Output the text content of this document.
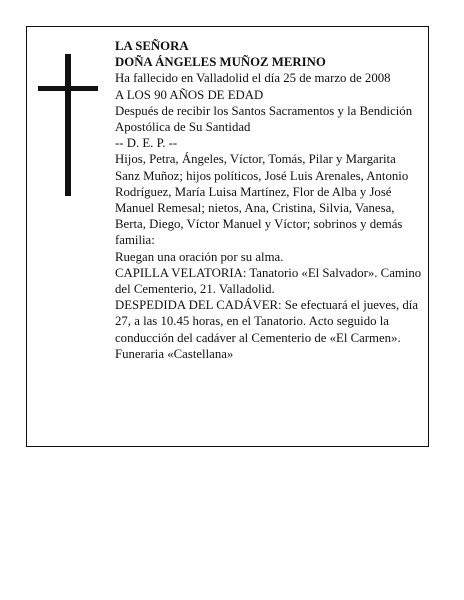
LA SEÑORA

DOÑA ÁNGELES MUÑOZ MERINO

Ha fallecido en Valladolid el día 25 de marzo de 2008

A LOS 90 AÑOS DE EDAD

Después de recibir los Santos Sacramentos y la Bendición Apostólica de Su Santidad

-- D. E. P. --

Hijos, Petra, Ángeles, Víctor, Tomás, Pilar y Margarita Sanz Muñoz; hijos políticos, José Luis Arenales, Antonio Rodríguez, María Luisa Martínez, Flor de Alba y José Manuel Remesal; nietos, Ana, Cristina, Silvia, Vanesa, Berta, Diego, Víctor Manuel y Víctor; sobrinos y demás familia:

Ruegan una oración por su alma.

CAPILLA VELATORIA: Tanatorio «El Salvador». Camino del Cementerio, 21. Valladolid.

DESPEDIDA DEL CADÁVER: Se efectuará el jueves, día 27, a las 10.45 horas, en el Tanatorio. Acto seguido la conducción del cadáver al Cementerio de «El Carmen».

Funeraria «Castellana»
